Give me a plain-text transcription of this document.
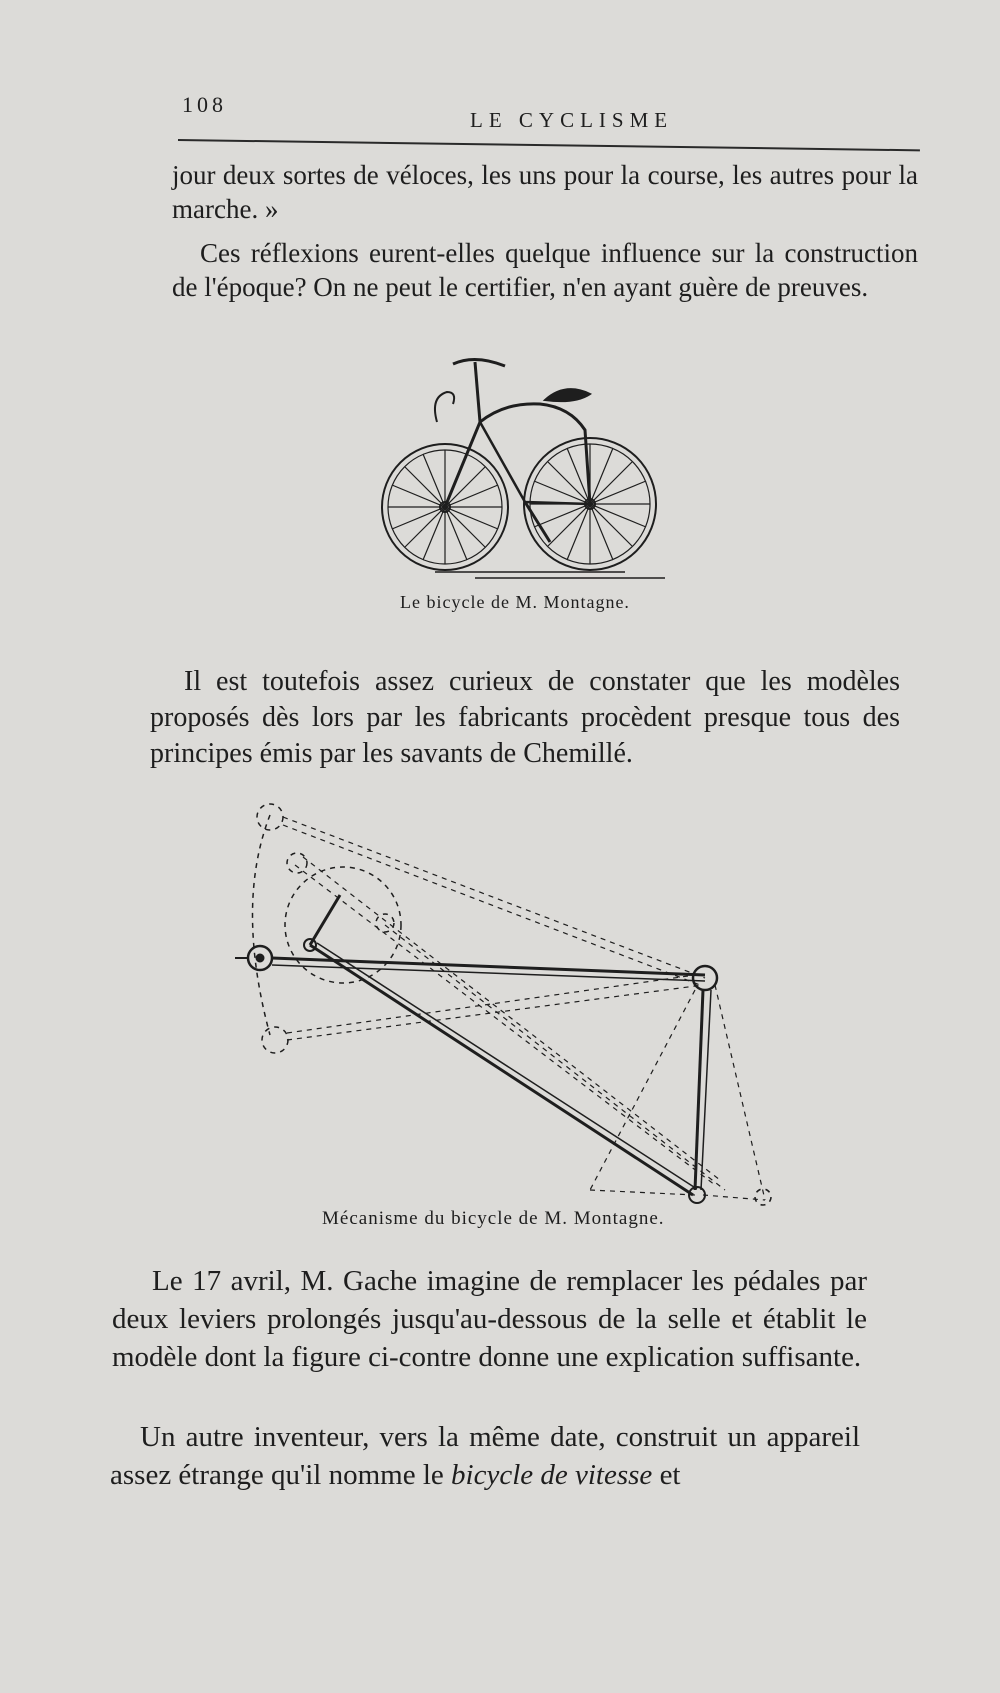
108
LE CYCLISME
jour deux sortes de véloces, les uns pour la course, les autres pour la marche. »
Ces réflexions eurent-elles quelque influence sur la construction de l'époque? On ne peut le certifier, n'en ayant guère de preuves.
Le bicycle de M. Montagne.
Il est toutefois assez curieux de constater que les modèles proposés dès lors par les fabricants procèdent presque tous des principes émis par les savants de Chemillé.
Mécanisme du bicycle de M. Montagne.
Le 17 avril, M. Gache imagine de remplacer les pédales par deux leviers prolongés jusqu'au-dessous de la selle et établit le modèle dont la figure ci-contre donne une explication suffisante.
Un autre inventeur, vers la même date, construit un appareil assez étrange qu'il nomme le bicycle de vitesse et
